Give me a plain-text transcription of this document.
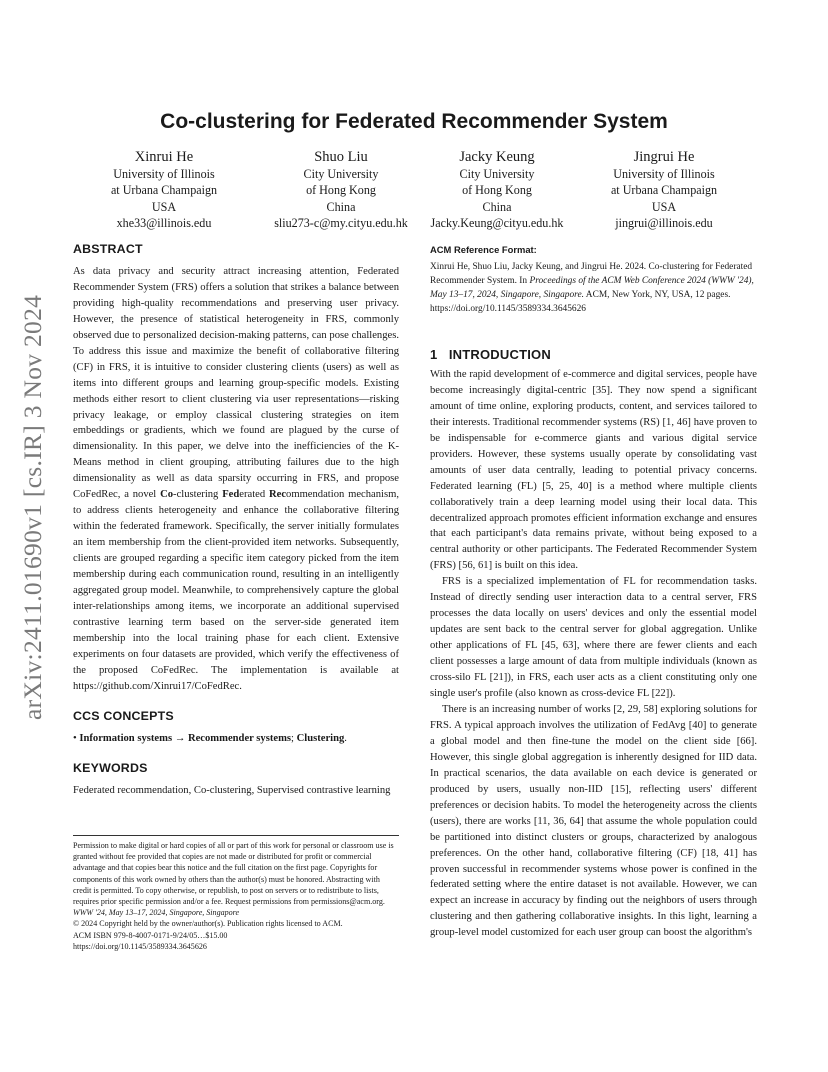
arXiv:2411.01690v1 [cs.IR] 3 Nov 2024
Co-clustering for Federated Recommender System
Xinrui He
University of Illinois
at Urbana Champaign
USA
xhe33@illinois.edu
Shuo Liu
City University
of Hong Kong
China
sliu273-c@my.cityu.edu.hk
Jacky Keung
City University
of Hong Kong
China
Jacky.Keung@cityu.edu.hk
Jingrui He
University of Illinois
at Urbana Champaign
USA
jingrui@illinois.edu
ABSTRACT

As data privacy and security attract increasing attention, Federated Recommender System (FRS) offers a solution that strikes a balance between providing high-quality recommendations and preserving user privacy. However, the presence of statistical heterogeneity in FRS, commonly observed due to personalized decision-making patterns, can pose challenges. To address this issue and maximize the benefit of collaborative filtering (CF) in FRS, it is intuitive to consider clustering clients (users) as well as items into different groups and learning group-specific models. Existing methods either resort to client clustering via user representations—risking privacy leakage, or employ classical clustering strategies on item embeddings or gradients, which we found are plagued by the curse of dimensionality. In this paper, we delve into the inefficiencies of the K-Means method in client grouping, attributing failures due to the high dimensionality as well as data sparsity occurring in FRS, and propose CoFedRec, a novel Co-clustering Federated Recommendation mechanism, to address clients heterogeneity and enhance the collaborative filtering within the federated framework. Specifically, the server initially formulates an item membership from the client-provided item networks. Subsequently, clients are grouped regarding a specific item category picked from the item membership during each communication round, resulting in an intelligently aggregated group model. Meanwhile, to comprehensively capture the global inter-relationships among items, we incorporate an additional supervised contrastive learning term based on the server-side generated item membership into the local training phase for each client. Extensive experiments on four datasets are provided, which verify the effectiveness of the proposed CoFedRec. The implementation is available at https://github.com/Xinrui17/CoFedRec.

CCS CONCEPTS

• Information systems → Recommender systems; Clustering.

KEYWORDS

Federated recommendation, Co-clustering, Supervised contrastive learning

Permission to make digital or hard copies of all or part of this work for personal or classroom use is granted without fee provided that copies are not made or distributed for profit or commercial advantage and that copies bear this notice and the full citation on the first page. Copyrights for components of this work owned by others than the author(s) must be honored. Abstracting with credit is permitted. To copy otherwise, or republish, to post on servers or to redistribute to lists, requires prior specific permission and/or a fee. Request permissions from permissions@acm.org.
WWW '24, May 13–17, 2024, Singapore, Singapore
© 2024 Copyright held by the owner/author(s). Publication rights licensed to ACM.
ACM ISBN 979-8-4007-0171-9/24/05…$15.00
https://doi.org/10.1145/3589334.3645626
ACM Reference Format:

Xinrui He, Shuo Liu, Jacky Keung, and Jingrui He. 2024. Co-clustering for Federated Recommender System. In Proceedings of the ACM Web Conference 2024 (WWW '24), May 13–17, 2024, Singapore, Singapore. ACM, New York, NY, USA, 12 pages. https://doi.org/10.1145/3589334.3645626

1   INTRODUCTION

With the rapid development of e-commerce and digital services, people have become increasingly digital-centric [35]. They now spend a significant amount of time online, exploring products, content, and services tailored to their interests. Traditional recommender systems (RS) [1, 46] have proven to be indispensable for e-commerce giants and various digital service providers. However, these systems usually operate by consolidating vast amounts of user data centrally, leading to potential privacy concerns. Federated learning (FL) [5, 25, 40] is a method where multiple clients collaboratively train a deep learning model using their local data. This decentralized approach promotes efficient information exchange and ensures that each participant's data remains private, without being exposed to a central authority or other participants. The Federated Recommender System (FRS) [56, 61] is built on this idea.

FRS is a specialized implementation of FL for recommendation tasks. Instead of directly sending user interaction data to a central server, FRS processes the data locally on users' devices and only the essential model updates are sent back to the central server for global aggregation. Unlike other applications of FL [45, 63], where there are fewer clients and each client possesses a large amount of data from multiple individuals (known as cross-silo FL [21]), in FRS, each user acts as a client constituting only one single user's profile (also known as cross-device FL [22]).

There is an increasing number of works [2, 29, 58] exploring solutions for FRS. A typical approach involves the utilization of FedAvg [40] to generate a global model and then fine-tune the model on the client side [66]. However, this single global aggregation is inherently designed for IID data. In practical scenarios, the data available on each device is generated or produced by users, usually non-IID [15], reflecting users' different preferences or decision habits. To model the heterogeneity across the clients (users), there are works [11, 36, 64] that assume the whole population could be partitioned into distinct clusters or groups, characterized by analogous preferences. On the other hand, collaborative filtering (CF) [18, 41] has proven successful in recommender systems whose power is confined in the federated setting where the entire dataset is not available. However, we can expect an increase in accuracy by finding out the neighbors of users through clustering and then gathering collaborative insights. In this light, learning a group-level model customized for each user group can boost the algorithm's
